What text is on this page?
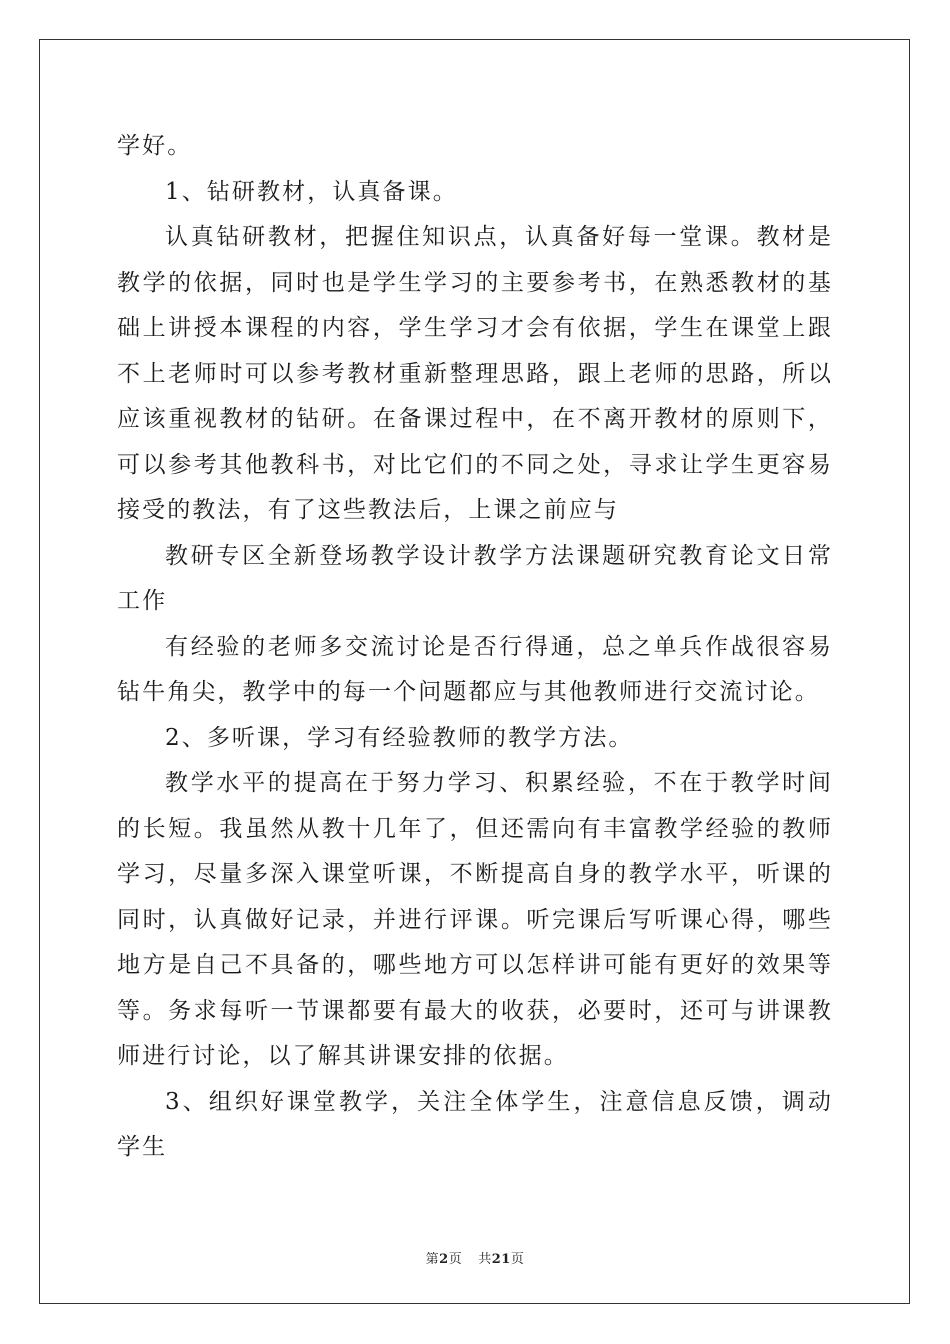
学好。

1、钻研教材，认真备课。

认真钻研教材，把握住知识点，认真备好每一堂课。教材是教学的依据，同时也是学生学习的主要参考书，在熟悉教材的基础上讲授本课程的内容，学生学习才会有依据，学生在课堂上跟不上老师时可以参考教材重新整理思路，跟上老师的思路，所以应该重视教材的钻研。在备课过程中，在不离开教材的原则下，可以参考其他教科书，对比它们的不同之处，寻求让学生更容易接受的教法，有了这些教法后，上课之前应与

教研专区全新登场教学设计教学方法课题研究教育论文日常工作

有经验的老师多交流讨论是否行得通，总之单兵作战很容易钻牛角尖，教学中的每一个问题都应与其他教师进行交流讨论。

2、多听课，学习有经验教师的教学方法。

教学水平的提高在于努力学习、积累经验，不在于教学时间的长短。我虽然从教十几年了，但还需向有丰富教学经验的教师学习，尽量多深入课堂听课，不断提高自身的教学水平，听课的同时，认真做好记录，并进行评课。听完课后写听课心得，哪些地方是自己不具备的，哪些地方可以怎样讲可能有更好的效果等等。务求每听一节课都要有最大的收获，必要时，还可与讲课教师进行讨论，以了解其讲课安排的依据。

3、组织好课堂教学，关注全体学生，注意信息反馈，调动学生

第2页 共21页
